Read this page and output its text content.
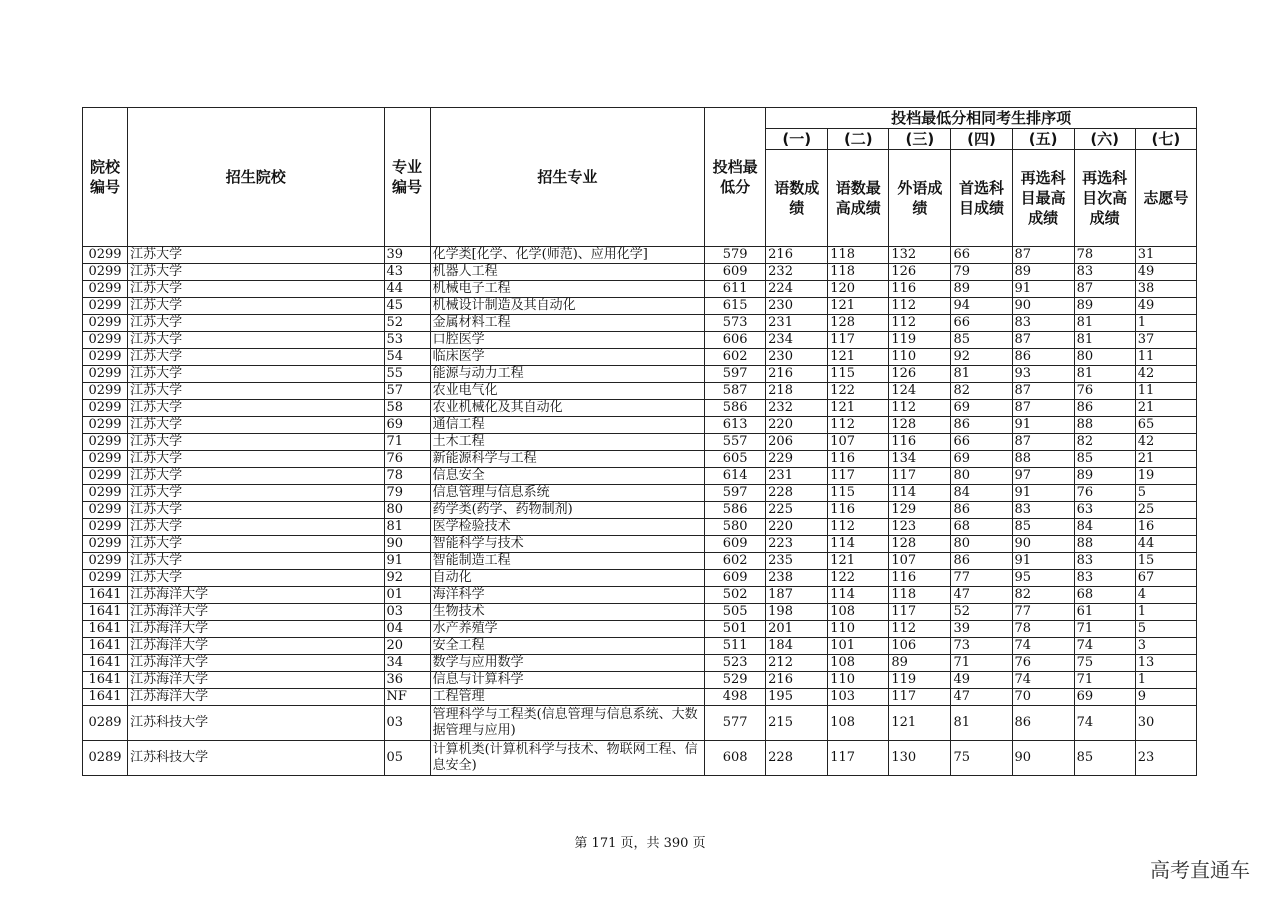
院校编号	招生院校	专业编号	招生专业	投档最低分	投档最低分相同考生排序项						
					(一)	(二)	(三)	(四)	(五)	(六)	(七)
					语数成绩	语数最高成绩	外语成绩	首选科目成绩	再选科目最高成绩	再选科目次高成绩	志愿号
0299	江苏大学	39	化学类[化学、化学(师范)、应用化学]	579	216	118	132	66	87	78	31
0299	江苏大学	43	机器人工程	609	232	118	126	79	89	83	49
0299	江苏大学	44	机械电子工程	611	224	120	116	89	91	87	38
0299	江苏大学	45	机械设计制造及其自动化	615	230	121	112	94	90	89	49
0299	江苏大学	52	金属材料工程	573	231	128	112	66	83	81	1
0299	江苏大学	53	口腔医学	606	234	117	119	85	87	81	37
0299	江苏大学	54	临床医学	602	230	121	110	92	86	80	11
0299	江苏大学	55	能源与动力工程	597	216	115	126	81	93	81	42
0299	江苏大学	57	农业电气化	587	218	122	124	82	87	76	11
0299	江苏大学	58	农业机械化及其自动化	586	232	121	112	69	87	86	21
0299	江苏大学	69	通信工程	613	220	112	128	86	91	88	65
0299	江苏大学	71	土木工程	557	206	107	116	66	87	82	42
0299	江苏大学	76	新能源科学与工程	605	229	116	134	69	88	85	21
0299	江苏大学	78	信息安全	614	231	117	117	80	97	89	19
0299	江苏大学	79	信息管理与信息系统	597	228	115	114	84	91	76	5
0299	江苏大学	80	药学类(药学、药物制剂)	586	225	116	129	86	83	63	25
0299	江苏大学	81	医学检验技术	580	220	112	123	68	85	84	16
0299	江苏大学	90	智能科学与技术	609	223	114	128	80	90	88	44
0299	江苏大学	91	智能制造工程	602	235	121	107	86	91	83	15
0299	江苏大学	92	自动化	609	238	122	116	77	95	83	67
1641	江苏海洋大学	01	海洋科学	502	187	114	118	47	82	68	4
1641	江苏海洋大学	03	生物技术	505	198	108	117	52	77	61	1
1641	江苏海洋大学	04	水产养殖学	501	201	110	112	39	78	71	5
1641	江苏海洋大学	20	安全工程	511	184	101	106	73	74	74	3
1641	江苏海洋大学	34	数学与应用数学	523	212	108	89	71	76	75	13
1641	江苏海洋大学	36	信息与计算科学	529	216	110	119	49	74	71	1
1641	江苏海洋大学	NF	工程管理	498	195	103	117	47	70	69	9
0289	江苏科技大学	03	管理科学与工程类(信息管理与信息系统、大数据管理与应用)	577	215	108	121	81	86	74	30
0289	江苏科技大学	05	计算机类(计算机科学与技术、物联网工程、信息安全)	608	228	117	130	75	90	85	23
第 171 页，共 390 页
高考直通车
